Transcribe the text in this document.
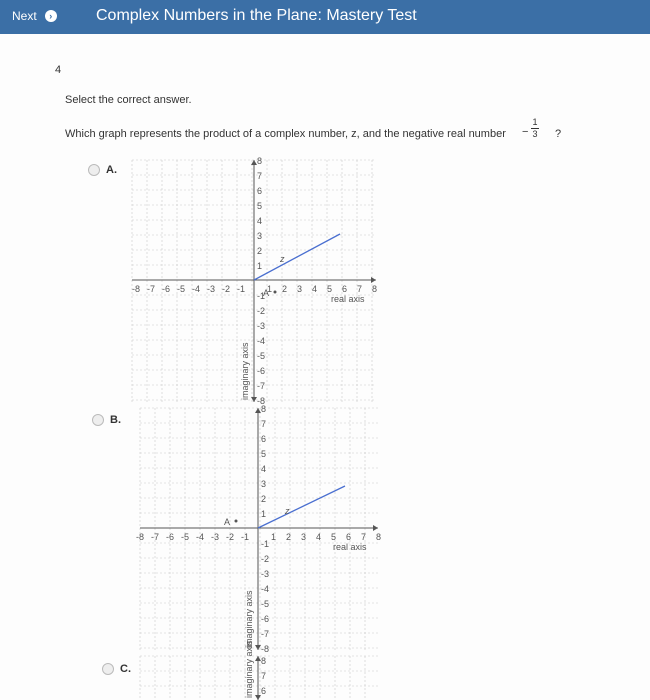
Next	›	Complex Numbers in the Plane: Mastery Test
4
Select the correct answer.
Which graph represents the product of a complex number, z, and the negative real number −
1
3 ?
A.
B.
C.
-8 -7 -6 -5 -4 -3 -2 -1 1 2 3 4 5 6 7 8
1
2
3
4
5
6
7
8
-1
-2
-3
-4
-5
-6
-7
-8
real axis
imaginary axis
z
A
-8 -7 -6 -5 -4 -3 -2 -1 1 2 3 4 5 6 7 8
1
2
3
4
5
6
7
8
-1
-2
-3
-4
-5
-6
-7
-8
real axis
imaginary axis
z
A
6
7
8
imaginary axis
